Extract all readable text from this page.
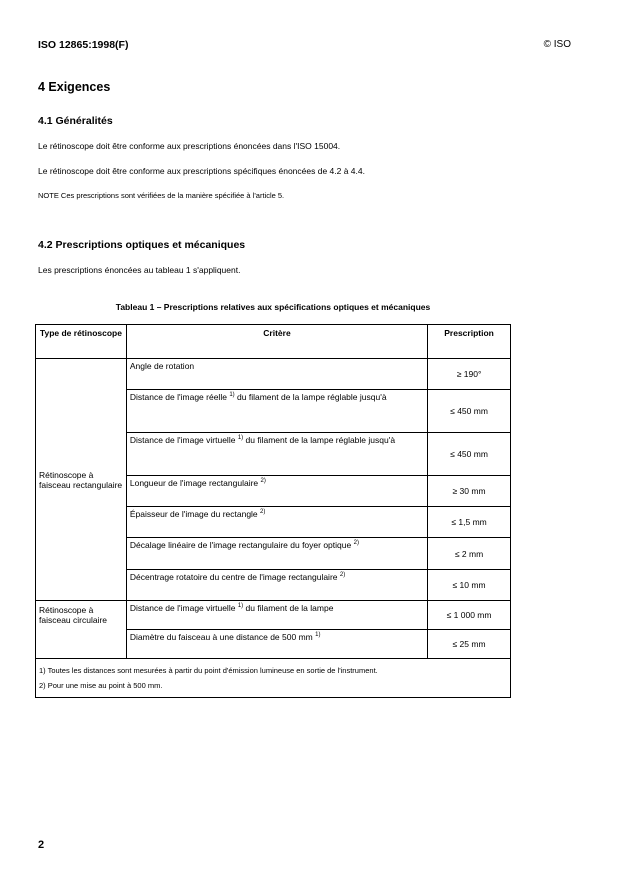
ISO 12865:1998(F)	© ISO
4 Exigences
4.1 Généralités
Le rétinoscope doit être conforme aux prescriptions énoncées dans l'ISO 15004.
Le rétinoscope doit être conforme aux prescriptions spécifiques énoncées de 4.2 à 4.4.
NOTE Ces prescriptions sont vérifiées de la manière spécifiée à l'article 5.
4.2 Prescriptions optiques et mécaniques
Les prescriptions énoncées au tableau 1 s'appliquent.
Tableau 1 – Prescriptions relatives aux spécifications optiques et mécaniques
Type de rétinoscope	Critère	Prescription
Rétinoscope à faisceau rectangulaire	Angle de rotation	≥ 190°
	Distance de l'image réelle $^{1)}$ du filament de la lampe réglable jusqu'à	≤ 450 mm
	Distance de l'image virtuelle $^{1)}$ du filament de la lampe réglable jusqu'à	≤ 450 mm
	Longueur de l'image rectangulaire $^{2)}$	≥ 30 mm
	Épaisseur de l'image du rectangle $^{2)}$	≤ 1,5 mm
	Décalage linéaire de l'image rectangulaire du foyer optique $^{2)}$	≤ 2 mm
	Décentrage rotatoire du centre de l'image rectangulaire $^{2)}$	≤ 10 mm
Rétinoscope à faisceau circulaire	Distance de l'image virtuelle $^{1)}$ du filament de la lampe	≤ 1 000 mm
	Diamètre du faisceau à une distance de 500 mm $^{1)}$	≤ 25 mm

1) Toutes les distances sont mesurées à partir du point d'émission lumineuse en sortie de l'instrument.
2) Pour une mise au point à 500 mm.		
2
